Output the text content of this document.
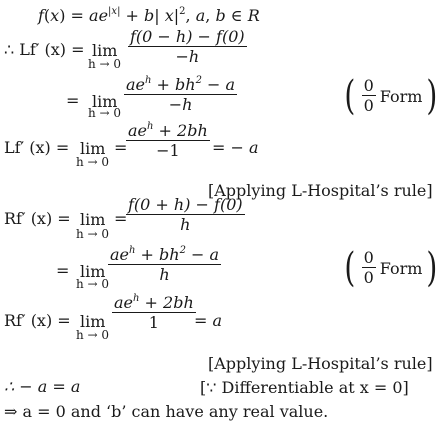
$f(x) = ae^{|x|} + b|$ $x|^2$, a, b ∈ R
∴ Lf′ (x) = lim
h → 0
f(0 − h) − f(0)
−h
= lim
h → 0
$ae^h + bh^2 - a$
−h	( $\frac{0}{0}$ Form )
Lf′ (x) = lim
h → 0
=
$ae^h + 2bh$
−1 = − a
[Applying L-Hospital’s rule]
Rf′ (x) = lim
h → 0
=
f(0 + h) − f(0)
h
= lim
h → 0
$ae^h + bh^2 - a$
h	( $\frac{0}{0}$ Form )
Rf′ (x) = lim
h → 0
$ae^h + 2bh$
1 = a
[Applying L-Hospital’s rule]
∴ − a = a	[∵ Differentiable at x = 0]
⇒ a = 0 and ‘b’ can have any real value.
